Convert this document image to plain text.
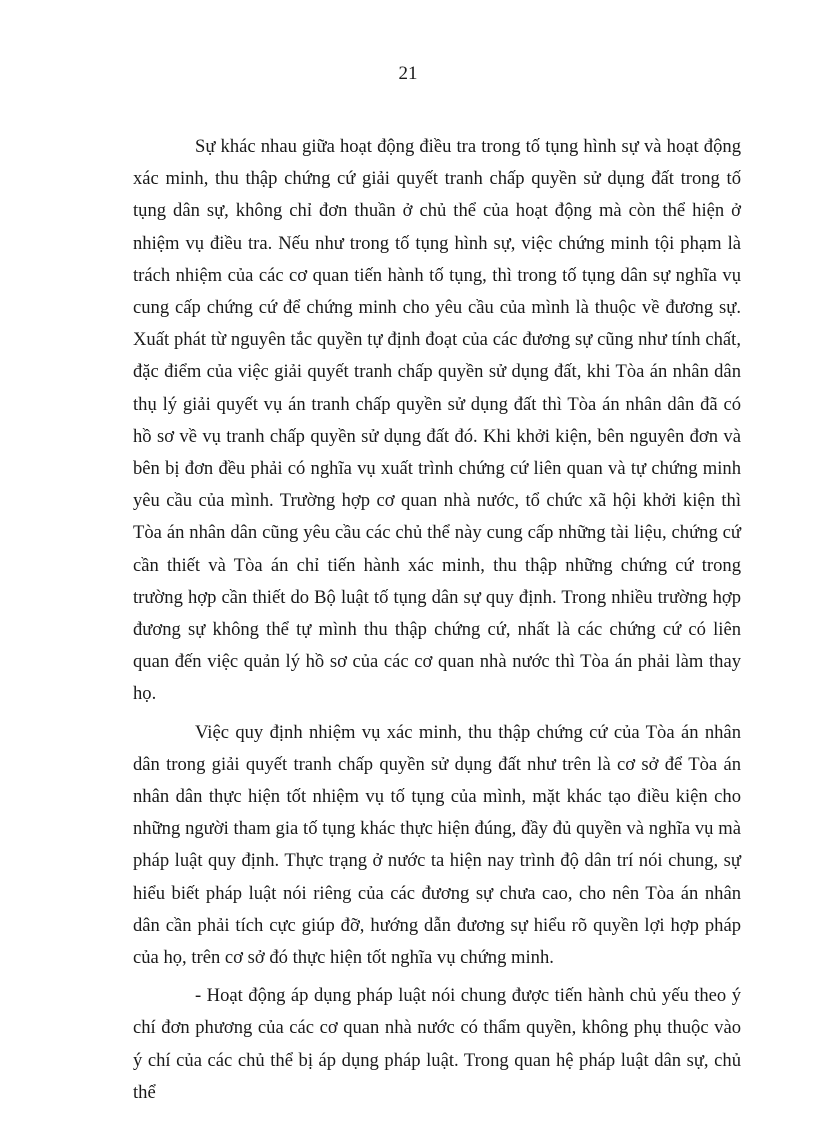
21

Sự khác nhau giữa hoạt động điều tra trong tố tụng hình sự và hoạt động xác minh, thu thập chứng cứ giải quyết tranh chấp quyền sử dụng đất trong tố tụng dân sự, không chỉ đơn thuần ở chủ thể của hoạt động mà còn thể hiện ở nhiệm vụ điều tra. Nếu như trong tố tụng hình sự, việc chứng minh tội phạm là trách nhiệm của các cơ quan tiến hành tố tụng, thì trong tố tụng dân sự nghĩa vụ cung cấp chứng cứ để chứng minh cho yêu cầu của mình là thuộc về đương sự. Xuất phát từ nguyên tắc quyền tự định đoạt của các đương sự cũng như tính chất, đặc điểm của việc giải quyết tranh chấp quyền sử dụng đất, khi Tòa án nhân dân thụ lý giải quyết vụ án tranh chấp quyền sử dụng đất thì Tòa án nhân dân đã có hồ sơ về vụ tranh chấp quyền sử dụng đất đó. Khi khởi kiện, bên nguyên đơn và bên bị đơn đều phải có nghĩa vụ xuất trình chứng cứ liên quan và tự chứng minh yêu cầu của mình. Trường hợp cơ quan nhà nước, tổ chức xã hội khởi kiện thì Tòa án nhân dân cũng yêu cầu các chủ thể này cung cấp những tài liệu, chứng cứ cần thiết và Tòa án chỉ tiến hành xác minh, thu thập những chứng cứ trong trường hợp cần thiết do Bộ luật tố tụng dân sự quy định. Trong nhiều trường hợp đương sự không thể tự mình thu thập chứng cứ, nhất là các chứng cứ có liên quan đến việc quản lý hồ sơ của các cơ quan nhà nước thì Tòa án phải làm thay họ.

Việc quy định nhiệm vụ xác minh, thu thập chứng cứ của Tòa án nhân dân trong giải quyết tranh chấp quyền sử dụng đất như trên là cơ sở để Tòa án nhân dân thực hiện tốt nhiệm vụ tố tụng của mình, mặt khác tạo điều kiện cho những người tham gia tố tụng khác thực hiện đúng, đầy đủ quyền và nghĩa vụ mà pháp luật quy định. Thực trạng ở nước ta hiện nay trình độ dân trí nói chung, sự hiểu biết pháp luật nói riêng của các đương sự chưa cao, cho nên Tòa án nhân dân cần phải tích cực giúp đỡ, hướng dẫn đương sự hiểu rõ quyền lợi hợp pháp của họ, trên cơ sở đó thực hiện tốt nghĩa vụ chứng minh.

- Hoạt động áp dụng pháp luật nói chung được tiến hành chủ yếu theo ý chí đơn phương của các cơ quan nhà nước có thẩm quyền, không phụ thuộc vào ý chí của các chủ thể bị áp dụng pháp luật. Trong quan hệ pháp luật dân sự, chủ thể
